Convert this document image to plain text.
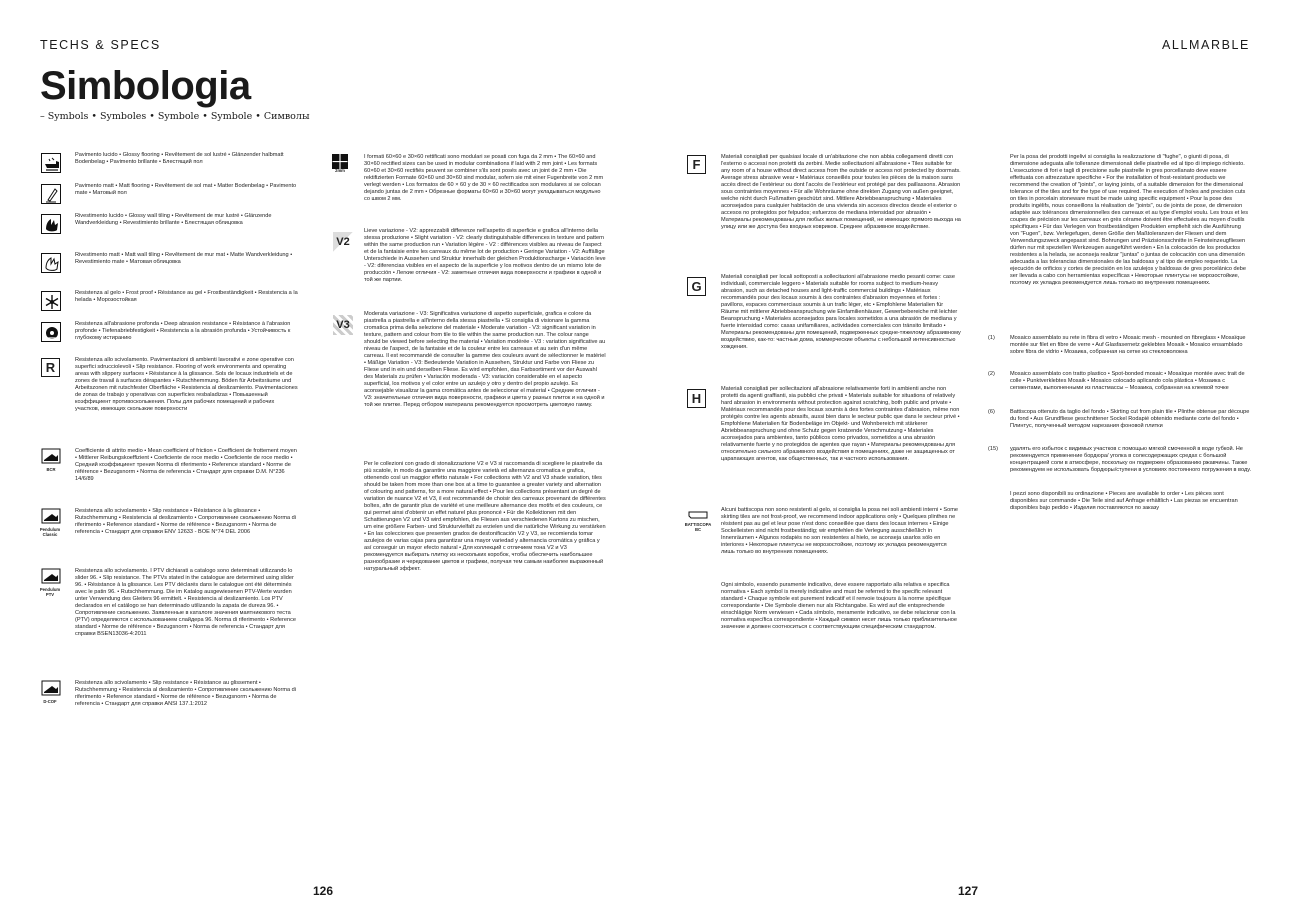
TECHS & SPECS	ALLMARBLE
Simbologia
– Symbols • Symboles • Symbole • Symbole • Символы
Pavimento lucido • Glossy flooring • Revêtement de sol lustré • Glänzender halbmatt Bodenbelag • Pavimento brillante • Блестящий пол
Pavimento matt • Matt flooring • Revêtement de sol mat • Matter Bodenbelag • Pavimento mate • Матовый пол
Rivestimento lucido • Glossy wall tiling • Revêtement de mur lustré • Glänzende Wandverkleidung • Revestimiento brillante • Блестящая облицовка
Rivestimento matt • Matt wall tiling • Revêtement de mur mat • Matte Wandverkleidung • Revestimiento mate • Матовая облицовка
Resistenza al gelo • Frost proof • Résistance au gel • Frostbeständigkeit • Resistencia a la helada • Морозостойкая
Resistenza all'abrasione profonda • Deep abrasion resistance • Résistance à l'abrasion profonde • Tiefenabriebfestigkeit • Resistencia a la abrasión profunda • Устойчивость к глубокому истиранию
R	Resistenza allo scivolamento. Pavimentazioni di ambienti lavorativi e zone operative con superfici sdrucciolevoli • Slip resistance. Flooring of work environments and operating areas with slippery surfaces • Résistance à la glissance. Sols de locaux industriels et de zones de travail à surfaces dérapantes • Rutschhemmung. Böden für Arbeitsräume und Arbeitszonen mit rutschfester Oberfläche • Resistencia al deslizamiento. Pavimentaciones de zonas de trabajo y operativas con superficies resbaladizas • Повышенный коэффициент противоскольжения. Полы для рабочих помещений и рабочих участков, имеющих скользкие поверхности
BCR
Coefficiente di attrito medio • Mean coefficient of friction • Coefficient de frottement moyen • Mittlerer Reibungskoeffizient • Coeficiente de roce medio • Coeficiente de roce medio • Средний коэффициент трения Norma di riferimento • Reference standard • Norme de référence • Bezugsnorm • Norma de referencia • Стандарт для справки D.M. N°236 14/6/89
Pendulum Classic
Resistenza allo scivolamento • Slip resistance • Résistance à la glissance • Rutschhemmung • Resistencia al deslizamiento • Сопротивление скольжению Norma di riferimento • Reference standard • Norme de référence • Bezugsnorm • Norma de referencia • Стандарт для справки ENV 12633 - BOE N°74 DEL 2006
Pendulum PTV
Resistenza allo scivolamento. I PTV dichiarati a catalogo sono determinati utilizzando lo slider 96. • Slip resistance. The PTVs stated in the catalogue are determined using slider 96. • Résistance à la glissance. Les PTV déclarés dans le catalogue ont été déterminés avec le patin 96. • Rutschhemmung. Die im Katalog ausgewiesenen PTV-Werte wurden unter Verwendung des Gleiters 96 ermittelt. • Resistencia al deslizamiento. Los PTV declarados en el catálogo se han determinado utilizando la zapata de dureza 96. • Сопротивление скольжению. Заявленные в каталоге значения маятникового теста (PTV) определяются с использованием слайдера 96. Norma di riferimento • Reference standard • Norme de référence • Bezugsnorm • Norma de referencia • Стандарт для справки BSEN13036-4:2011
D-COF
Resistenza allo scivolamento • Slip resistance • Résistance au glissement • Rutschhemmung • Resistencia al deslizamiento • Сопротивление скольжению Norma di riferimento • Reference standard • Norme de référence • Bezugsnorm • Norma de referencia • Стандарт для справки ANSI 137.1:2012
2mm
I formati 60×60 e 30×60 rettificati sono modulari se posati con fuga da 2 mm • The 60×60 and 30×60 rectified sizes can be used in modular combinations if laid with 2 mm joint • Les formats 60×60 et 30×60 rectifiés peuvent se combiner s'ils sont posés avec un joint de 2 mm • Die rektifizierten Formate 60×60 und 30×60 sind modular, sofern sie mit einer Fugenbreite von 2 mm verlegt werden • Los formatos de 60 × 60 y de 30 × 60 rectificados son modulares si se colocan dejando juntas de 2 mm • Обрезные форматы 60×60 и 30×60 могут укладываться модульно со швом 2 мм.
V2
Lieve variazione - V2: apprezzabili differenze nell'aspetto di superficie e grafica all'interno della stessa produzione • Slight variation - V2: clearly distinguishable differences in texture and pattern within the same production run • Variation légère - V2 : différences visibles au niveau de l'aspect et de la fantaisie entre les carreaux du même lot de production • Geringe Variation - V2: Auffällige Unterschiede in Aussehen und Struktur innerhalb der gleichen Produktionscharge • Variación leve - V2: diferencias visibles en el aspecto de la superficie y los motivos dentro de un mismo lote de producción • Легкие отличия - V2: заметные отличия вида поверхности и графики в одной и той же партии.
V3
Moderata variazione - V3: Significativa variazione di aspetto superficiale, grafica e colore da piastrella a piastrella e all'interno della stessa piastrella • Si consiglia di visionare la gamma cromatica prima della selezione del materiale • Moderate variation - V3: significant variation in texture, pattern and colour from tile to tile within the same production run. The colour range should be viewed before selecting the material • Variation modérée - V3 : variation significative au niveau de l'aspect, de la fantaisie et de la couleur entre les carreaux et au sein d'un même carreau. Il est recommandé de consulter la gamme des couleurs avant de sélectionner le matériel • Mäßige Variation - V3: Bedeutende Variation in Aussehen, Struktur und Farbe von Fliese zu Fliese und in ein und derselben Fliese. Es wird empfohlen, das Farbsortiment vor der Auswahl des Materials zu prüfen • Variación moderada - V3: variación considerable en el aspecto superficial, los motivos y el color entre un azulejo y otro y dentro del propio azulejo. Es aconsejable visualizar la gama cromática antes de seleccionar el material • Средние отличия - V3: значительные отличия вида поверхности, графики и цвета у разных плиток и на одной и той же плитке. Перед отбором материала рекомендуется просмотреть цветовую гамму.
Per le collezioni con grado di stonalizzazione V2 e V3 si raccomanda di scegliere le piastrelle da più scatole, in modo da garantire una maggiore varietà ed alternanza cromatica e grafica, ottenendo così un maggior effetto naturale • For collections with V2 and V3 shade variation, tiles should be taken from more than one box at a time to guarantee a greater variety and alternation of colouring and patterns, for a more natural effect • Pour les collections présentant un degré de variation de nuance V2 et V3, il est recommandé de choisir des carreaux provenant de différentes boîtes, afin de garantir plus de variété et une meilleure alternance des motifs et des couleurs, ce qui permet ainsi d'obtenir un effet naturel plus prononcé • Für die Kollektionen mit den Schattierungen V2 und V3 wird empfohlen, die Fliesen aus verschiedenen Kartons zu mischen, um eine größere Farben- und Strukturvielfalt zu erzielen und die natürliche Wirkung zu verstärken • En las colecciones que presenten grados de destonificación V2 y V3, se recomienda tomar azulejos de varias cajas para garantizar una mayor variedad y alternancia cromática y gráfica y así conseguir un mayor efecto natural • Для коллекций с отличием тона V2 и V3 рекомендуется выбирать плитку из нескольких коробок, чтобы обеспечить наибольшее разнообразие и чередование цветов и графики, получая тем самым наиболее выраженный натуральный эффект.
F	Materiali consigliati per qualsiasi locale di un'abitazione che non abbia collegamenti diretti con l'esterno o accessi non protetti da zerbini. Medie sollecitazioni all'abrasione • Tiles suitable for any room of a house without direct access from the outside or access not protected by doormats. Average stress abrasive wear • Matériaux conseillés pour toutes les pièces de la maison sans accès direct de l'extérieur ou dont l'accès de l'extérieur est protégé par des paillassons. Abrasion sous contraintes moyennes • Für alle Wohnräume ohne direkten Zugang von außen geeignet, welche nicht durch Fußmatten geschützt sind. Mittlere Abriebbeanspruchung • Materiales aconsejados para cualquier habitación de una vivienda sin accesos directos desde el exterior o accesos no protegidos por felpudos; esfuerzos de mediana intensidad por abrasión • Материалы рекомендованы для любых жилых помещений, не имеющих прямого выхода на улицу или же доступа без входных ковриков. Среднее абразивное воздействие.
G
Materiali consigliati per locali sottoposti a sollecitazioni all'abrasione medio pesanti come: case individuali, commerciale leggero • Materials suitable for rooms subject to medium-heavy abrasion, such as detached houses and light-traffic commercial buildings • Matériaux recommandés pour des locaux soumis à des contraintes d'abrasion moyennes et fortes : pavillons, espaces commerciaux soumis à un trafic léger, etc • Empfohlene Materialien für Räume mit mittlerer Abriebbeanspruchung wie Einfamilienhäuser, Gewerbebereiche mit leichter Beanspruchung • Materiales aconsejados para locales sometidos a una abrasión de mediana y fuerte intensidad como: casas unifamiliares, actividades comerciales con tránsito limitado • Материалы рекомендованы для помещений, подверженных средне-тяжелому абразивному воздействию, как-то: частные дома, коммерческие объекты с небольшой интенсивностью хождения.
H
Materiali consigliati per sollecitazioni all'abrasione relativamente forti in ambienti anche non protetti da agenti graffianti, sia pubblici che privati • Materials suitable for situations of relatively hard abrasion in environments without protection against scratching, both public and private • Matériaux recommandés pour des locaux soumis à des fortes contraintes d'abrasion, même non protégés contre les agents abrasifs, aussi bien dans le secteur public que dans le secteur privé • Empfohlene Materialien für Bodenbeläge im Objekt- und Wohnbereich mit stärkerer Abriebbeanspruchung und ohne Schutz gegen kratzende Verschmutzung • Materiales aconsejados para ambientes, tanto públicos como privados, sometidos a una abrasión relativamente fuerte y no protegidos de agentes que rayan • Материалы рекомендованы для относительно сильного абразивного воздействия в помещениях, даже не защищенных от царапающих агентов, как общественных, так и частного использования.
BATTISCOPA BC
Alcuni battiscopa non sono resistenti al gelo, si consiglia la posa nei soli ambienti interni • Some skirting tiles are not frost-proof, we recommend indoor applications only • Quelques plinthes ne résistent pas au gel et leur pose n'est donc conseillée que dans des locaux internes • Einige Sockelleisten sind nicht frostbeständig; wir empfehlen die Verlegung ausschließlich in Innenräumen • Algunos rodapiés no son resistentes al hielo, se aconseja usarlos sólo en interiores • Некоторые плинтусы не морозостойкие, поэтому их укладка рекомендуется лишь только во внутренних помещениях.
Ogni simbolo, essendo puramente indicativo, deve essere rapportato alla relativa e specifica normativa • Each symbol is merely indicative and must be referred to the specific relevant standard • Chaque symbole est purement indicatif et il renvoie toujours à la norme spécifique correspondante • Die Symbole dienen nur als Richtangabe. Es wird auf die entsprechende einschlägige Norm verwiesen • Cada símbolo, meramente indicativo, se debe relacionar con la normativa específica correspondiente • Каждый символ несет лишь только приблизительное значение и должен соотноситься с соответствующим специфическим стандартом.
Per la posa dei prodotti ingelivi si consiglia la realizzazione di "fughe", o giunti di posa, di dimensione adeguata alle tolleranze dimensionali delle piastrelle ed al tipo di impiego richiesto. L'esecuzione di fori e tagli di precisione sulle piastrelle in gres porcellanato deve essere effettuata con attrezzature specifiche • For the installation of frost-resistant products we recommend the creation of "joints", or laying joints, of a suitable dimension for the dimensional tolerance of the tiles and for the type of use required. The execution of holes and precision cuts on tiles in porcelain stoneware must be made using specific equipment • Pour la pose des produits ingélifs, nous conseillons la réalisation de "joints", ou de joints de pose, de dimension adaptée aux tolérances dimensionnelles des carreaux et au type d'emploi voulu. Les trous et les coupes de précision sur les carreaux en grès cérame doivent être effectuées au moyen d'outils spécifiques • Für das Verlegen von frostbeständigen Produkten empfiehlt sich die Ausführung von "Fugen", bzw. Verlegefugen, deren Größe den Maßtoleranzen der Fliesen und dem Verwendungszweck angepasst sind. Bohrungen und Präzisionsschnitte in Feinsteinzeugfliesen dürfen nur mit speziellen Werkzeugen ausgeführt werden • En la colocación de los productos resistentes a la helada, se aconseja realizar "juntas" o juntas de colocación con una dimensión adecuada a las tolerancias dimensionales de las baldosas y al tipo de empleo requerido. La ejecución de orificios y cortes de precisión en los azulejos y baldosas de gres porcelánico debe ser llevada a cabo con herramientas específicas • Некоторые плинтусы не морозостойкие, поэтому их укладка рекомендуется лишь только во внутренних помещениях.
(1)	Mosaico assemblato su rete in fibra di vetro • Mosaic mesh - mounted on fibreglass • Mosaïque montée sur filet en fibre de verre • Auf Glasfasernetz geklebtes Mosaik • Mosaico ensamblado sobre fibra de vidrio • Мозаика, собранная на сетке из стекловолокна
(2)	Mosaico assemblato con tratto plastico • Spot-bonded mosaic • Mosaïque montée avec trait de colle • Punktverklebtes Mosaik • Mosaico colocado aplicando cola plástica • Мозаика с сегментами, выполненными из пластмассы – Мозаика, собранная на клеевой точке
(6)	Battiscopa ottenuto da taglio del fondo • Skirting cut from plain tile • Plinthe obtenue par découpe du fond • Aus Grundfliese geschnittener Sockel Rodapié obtenido mediante corte del fondo • Плинтус, полученный методом нарезания фоновой плитки
(15) удалять его избыток с видимых участков с помощью мягкой смоченной в воде губкой. Не рекомендуется применение бордюра/ уголка в солесодержащих средах с большой концентрацией соли в атмосфере, поскольку он подвержен образованию ржавчины. Также рекомендуем не использовать бордюры/ступени в условиях постоянного погружения в воду.
I pezzi sono disponibili su ordinazione • Pieces are available to order • Les pièces sont disponibles sur commande • Die Teile sind auf Anfrage erhältlich • Las piezas se encuentran disponibles bajo pedido • Изделия поставляются по заказу
126	127
